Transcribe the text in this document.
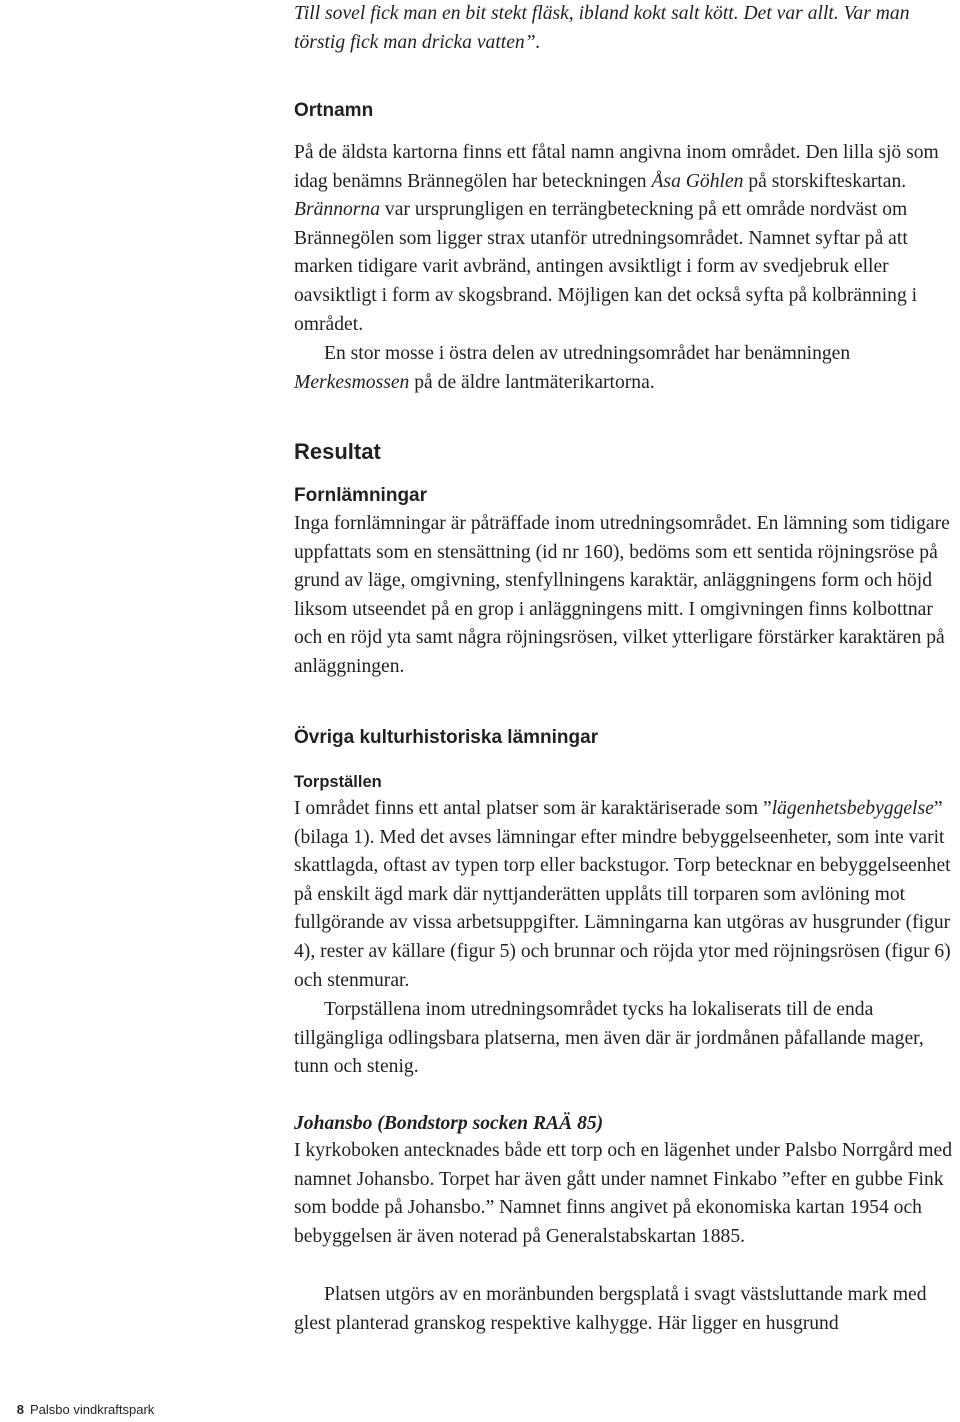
Till sovel fick man en bit stekt fläsk, ibland kokt salt kött. Det var allt. Var man törstig fick man dricka vatten”.

Ortnamn

På de äldsta kartorna finns ett fåtal namn angivna inom området. Den lilla sjö som idag benämns Brännegölen har beteckningen Åsa Göhlen på storskifteskartan. Brännorna var ursprungligen en terrängbeteckning på ett område nordväst om Brännegölen som ligger strax utanför utredningsområdet. Namnet syftar på att marken tidigare varit avbränd, antingen avsiktligt i form av svedjebruk eller oavsiktligt i form av skogsbrand. Möjligen kan det också syfta på kolbränning i området.

En stor mosse i östra delen av utredningsområdet har benämningen Merkesmossen på de äldre lantmäterikartorna.

Resultat
Fornlämningar

Inga fornlämningar är påträffade inom utredningsområdet. En lämning som tidigare uppfattats som en stensättning (id nr 160), bedöms som ett sentida röjningsröse på grund av läge, omgivning, stenfyllningens karaktär, anläggningens form och höjd liksom utseendet på en grop i anläggningens mitt. I omgivningen finns kolbottnar och en röjd yta samt några röjningsrösen, vilket ytterligare förstärker karaktären på anläggningen.

Övriga kulturhistoriska lämningar
Torpställen

I området finns ett antal platser som är karaktäriserade som ”lägenhetsbebyggelse” (bilaga 1). Med det avses lämningar efter mindre bebyggelseenheter, som inte varit skattlagda, oftast av typen torp eller backstugor. Torp betecknar en bebyggelseenhet på enskilt ägd mark där nyttjanderätten upplåts till torparen som avlöning mot fullgörande av vissa arbetsuppgifter. Lämningarna kan utgöras av husgrunder (figur 4), rester av källare (figur 5) och brunnar och röjda ytor med röjningsrösen (figur 6) och stenmurar.

Torpställena inom utredningsområdet tycks ha lokaliserats till de enda tillgängliga odlingsbara platserna, men även där är jordmånen påfallande mager, tunn och stenig.

Johansbo (Bondstorp socken RAÄ 85)

I kyrkoboken antecknades både ett torp och en lägenhet under Palsbo Norrgård med namnet Johansbo. Torpet har även gått under namnet Finkabo ”efter en gubbe Fink som bodde på Johansbo.” Namnet finns angivet på ekonomiska kartan 1954 och bebyggelsen är även noterad på Generalstabskartan 1885.

Platsen utgörs av en moränbunden bergsplatå i svagt västsluttande mark med glest planterad granskog respektive kalhygge. Här ligger en husgrund

8 Palsbo vindkraftspark
